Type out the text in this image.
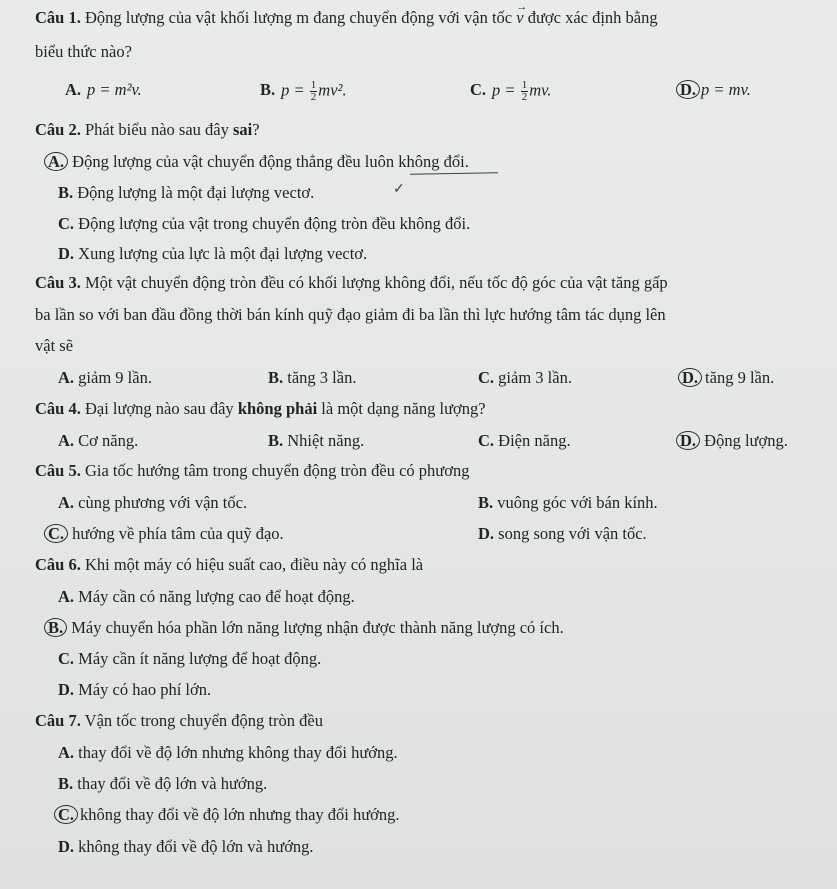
Câu 1. Động lượng của vật khối lượng m đang chuyển động với vận tốc → v được xác định bằng
biểu thức nào?
A. p = m²v.	B. $p = \frac{1}{2} mv^2$.	C. $p = \frac{1}{2}$ mv.	D. p = mv.
Câu 2. Phát biểu nào sau đây sai?
A. Động lượng của vật chuyển động thẳng đều luôn không đổi.
B. Động lượng là một đại lượng vectơ.	✓
C. Động lượng của vật trong chuyển động tròn đều không đổi.
D. Xung lượng của lực là một đại lượng vectơ.
Câu 3. Một vật chuyển động tròn đều có khối lượng không đổi, nếu tốc độ góc của vật tăng gấp
ba lần so với ban đầu đồng thời bán kính quỹ đạo giảm đi ba lần thì lực hướng tâm tác dụng lên
vật sẽ
A. giảm 9 lần.	B. tăng 3 lần.	C. giảm 3 lần.	D. tăng 9 lần.
Câu 4. Đại lượng nào sau đây không phải là một dạng năng lượng?
A. Cơ năng.	B. Nhiệt năng.	C. Điện năng.	D. Động lượng.
Câu 5. Gia tốc hướng tâm trong chuyển động tròn đều có phương
A. cùng phương với vận tốc.	B. vuông góc với bán kính.
C. hướng về phía tâm của quỹ đạo.	D. song song với vận tốc.
Câu 6. Khi một máy có hiệu suất cao, điều này có nghĩa là
A. Máy cần có năng lượng cao để hoạt động.
B. Máy chuyển hóa phần lớn năng lượng nhận được thành năng lượng có ích.
C. Máy cần ít năng lượng để hoạt động.
D. Máy có hao phí lớn.
Câu 7. Vận tốc trong chuyển động tròn đều
A. thay đổi về độ lớn nhưng không thay đổi hướng.
B. thay đổi về độ lớn và hướng.
C. không thay đổi về độ lớn nhưng thay đổi hướng.
D. không thay đổi về độ lớn và hướng.
